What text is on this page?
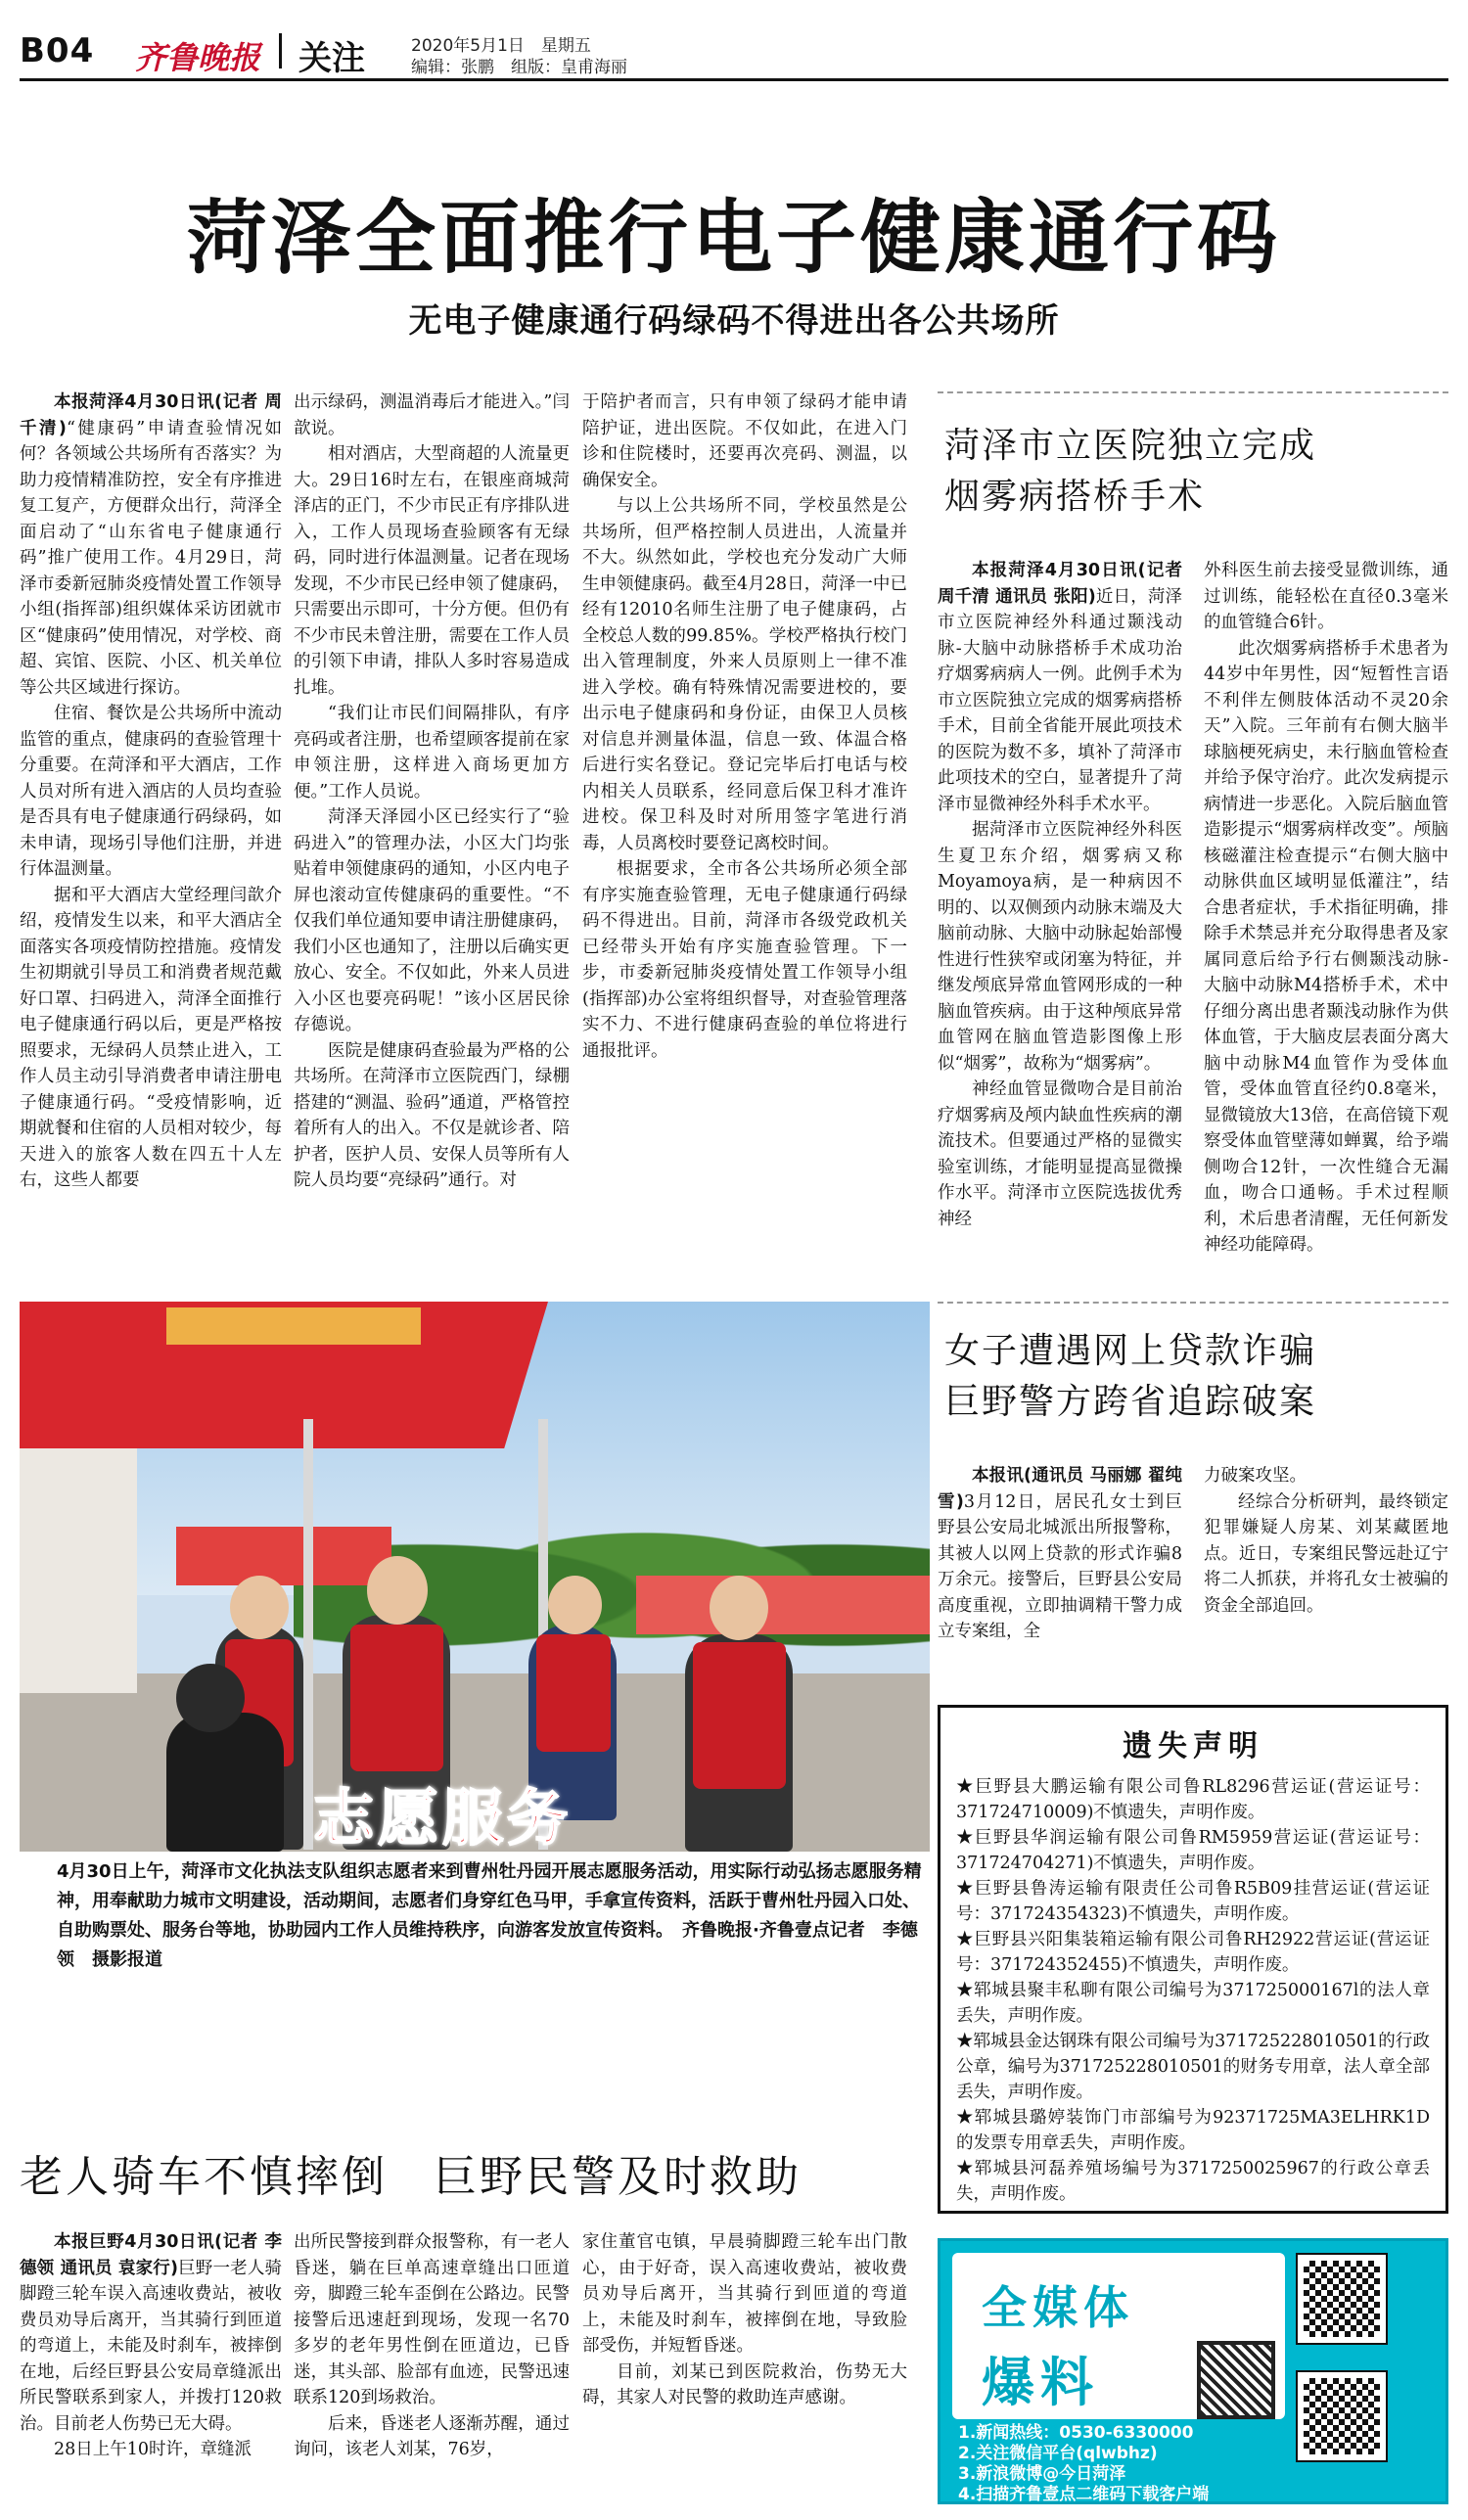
B04 齐鲁晚报 关注	2020年5月1日　星期五
编辑：张鹏　组版：皇甫海丽
菏泽全面推行电子健康通行码
无电子健康通行码绿码不得进出各公共场所

本报菏泽4月30日讯(记者 周千清)“健康码”申请查验情况如何？各领域公共场所有否落实？为助力疫情精准防控，安全有序推进复工复产，方便群众出行，菏泽全面启动了“山东省电子健康通行码”推广使用工作。4月29日，菏泽市委新冠肺炎疫情处置工作领导小组(指挥部)组织媒体采访团就市区“健康码”使用情况，对学校、商超、宾馆、医院、小区、机关单位等公共区域进行探访。

住宿、餐饮是公共场所中流动监管的重点，健康码的查验管理十分重要。在菏泽和平大酒店，工作人员对所有进入酒店的人员均查验是否具有电子健康通行码绿码，如未申请，现场引导他们注册，并进行体温测量。

据和平大酒店大堂经理闫歆介绍，疫情发生以来，和平大酒店全面落实各项疫情防控措施。疫情发生初期就引导员工和消费者规范戴好口罩、扫码进入，菏泽全面推行电子健康通行码以后，更是严格按照要求，无绿码人员禁止进入，工作人员主动引导消费者申请注册电子健康通行码。“受疫情影响，近期就餐和住宿的人员相对较少，每天进入的旅客人数在四五十人左右，这些人都要

出示绿码，测温消毒后才能进入。”闫歆说。

相对酒店，大型商超的人流量更大。29日16时左右，在银座商城菏泽店的正门，不少市民正有序排队进入，工作人员现场查验顾客有无绿码，同时进行体温测量。记者在现场发现，不少市民已经申领了健康码，只需要出示即可，十分方便。但仍有不少市民未曾注册，需要在工作人员的引领下申请，排队人多时容易造成扎堆。

“我们让市民们间隔排队，有序亮码或者注册，也希望顾客提前在家申领注册，这样进入商场更加方便。”工作人员说。

菏泽天泽园小区已经实行了“验码进入”的管理办法，小区大门均张贴着申领健康码的通知，小区内电子屏也滚动宣传健康码的重要性。“不仅我们单位通知要申请注册健康码，我们小区也通知了，注册以后确实更放心、安全。不仅如此，外来人员进入小区也要亮码呢！”该小区居民徐存德说。

医院是健康码查验最为严格的公共场所。在菏泽市立医院西门，绿棚搭建的“测温、验码”通道，严格管控着所有人的出入。不仅是就诊者、陪护者，医护人员、安保人员等所有人院人员均要“亮绿码”通行。对

于陪护者而言，只有申领了绿码才能申请陪护证，进出医院。不仅如此，在进入门诊和住院楼时，还要再次亮码、测温，以确保安全。

与以上公共场所不同，学校虽然是公共场所，但严格控制人员进出，人流量并不大。纵然如此，学校也充分发动广大师生申领健康码。截至4月28日，菏泽一中已经有12010名师生注册了电子健康码，占全校总人数的99.85%。学校严格执行校门出入管理制度，外来人员原则上一律不准进入学校。确有特殊情况需要进校的，要出示电子健康码和身份证，由保卫人员核对信息并测量体温，信息一致、体温合格后进行实名登记。登记完毕后打电话与校内相关人员联系，经同意后保卫科才准许进校。保卫科及时对所用签字笔进行消毒，人员离校时要登记离校时间。

根据要求，全市各公共场所必须全部有序实施查验管理，无电子健康通行码绿码不得进出。目前，菏泽市各级党政机关已经带头开始有序实施查验管理。下一步，市委新冠肺炎疫情处置工作领导小组(指挥部)办公室将组织督导，对查验管理落实不力、不进行健康码查验的单位将进行通报批评。

菏泽市立医院独立完成
烟雾病搭桥手术

本报菏泽4月30日讯(记者 周千清 通讯员 张阳)近日，菏泽市立医院神经外科通过颞浅动脉-大脑中动脉搭桥手术成功治疗烟雾病病人一例。此例手术为市立医院独立完成的烟雾病搭桥手术，目前全省能开展此项技术的医院为数不多，填补了菏泽市此项技术的空白，显著提升了菏泽市显微神经外科手术水平。

据菏泽市立医院神经外科医生夏卫东介绍，烟雾病又称Moyamoya病，是一种病因不明的、以双侧颈内动脉末端及大脑前动脉、大脑中动脉起始部慢性进行性狭窄或闭塞为特征，并继发颅底异常血管网形成的一种脑血管疾病。由于这种颅底异常血管网在脑血管造影图像上形似“烟雾”，故称为“烟雾病”。

神经血管显微吻合是目前治疗烟雾病及颅内缺血性疾病的潮流技术。但要通过严格的显微实验室训练，才能明显提高显微操作水平。菏泽市立医院选拔优秀神经

外科医生前去接受显微训练，通过训练，能轻松在直径0.3毫米的血管缝合6针。

此次烟雾病搭桥手术患者为44岁中年男性，因“短暂性言语不利伴左侧肢体活动不灵20余天”入院。三年前有右侧大脑半球脑梗死病史，未行脑血管检查并给予保守治疗。此次发病提示病情进一步恶化。入院后脑血管造影提示“烟雾病样改变”。颅脑核磁灌注检查提示“右侧大脑中动脉供血区域明显低灌注”，结合患者症状，手术指征明确，排除手术禁忌并充分取得患者及家属同意后给予行右侧颞浅动脉-大脑中动脉M4搭桥手术，术中仔细分离出患者颞浅动脉作为供体血管，于大脑皮层表面分离大脑中动脉M4血管作为受体血管，受体血管直径约0.8毫米，显微镜放大13倍，在高倍镜下观察受体血管壁薄如蝉翼，给予端侧吻合12针，一次性缝合无漏血，吻合口通畅。手术过程顺利，术后患者清醒，无任何新发神经功能障碍。

女子遭遇网上贷款诈骗
巨野警方跨省追踪破案

本报讯(通讯员 马丽娜 翟纯雪)3月12日，居民孔女士到巨野县公安局北城派出所报警称，其被人以网上贷款的形式诈骗8万余元。接警后，巨野县公安局高度重视，立即抽调精干警力成立专案组，全

力破案攻坚。

经综合分析研判，最终锁定犯罪嫌疑人房某、刘某藏匿地点。近日，专案组民警远赴辽宁将二人抓获，并将孔女士被骗的资金全部追回。

志愿服务
4月30日上午，菏泽市文化执法支队组织志愿者来到曹州牡丹园开展志愿服务活动，用实际行动弘扬志愿服务精神，用奉献助力城市文明建设，活动期间，志愿者们身穿红色马甲，手拿宣传资料，活跃于曹州牡丹园入口处、自助购票处、服务台等地，协助园内工作人员维持秩序，向游客发放宣传资料。　齐鲁晚报·齐鲁壹点记者　李德领　摄影报道
遗失声明
★巨野县大鹏运输有限公司鲁RL8296营运证(营运证号：371724710009)不慎遗失，声明作废。
★巨野县华润运输有限公司鲁RM5959营运证(营运证号：371724704271)不慎遗失，声明作废。
★巨野县鲁涛运输有限责任公司鲁R5B09挂营运证(营运证号：371724354323)不慎遗失，声明作废。
★巨野县兴阳集装箱运输有限公司鲁RH2922营运证(营运证号：371724352455)不慎遗失，声明作废。
★郓城县聚丰私聊有限公司编号为371725000167l的法人章丢失，声明作废。
★郓城县金达钢珠有限公司编号为371725228010501的行政公章，编号为371725228010501的财务专用章，法人章全部丢失，声明作废。
★郓城县璐婷装饰门市部编号为92371725MA3ELHRK1D的发票专用章丢失，声明作废。
★郓城县河磊养殖场编号为3717250025967的行政公章丢失，声明作废。
全媒体
爆料
1.新闻热线：0530-6330000
2.关注微信平台(qlwbhz)
3.新浪微博@今日菏泽
4.扫描齐鲁壹点二维码下载客户端
老人骑车不慎摔倒　巨野民警及时救助

本报巨野4月30日讯(记者 李德领 通讯员 袁家行)巨野一老人骑脚蹬三轮车误入高速收费站，被收费员劝导后离开，当其骑行到匝道的弯道上，未能及时刹车，被摔倒在地，后经巨野县公安局章缝派出所民警联系到家人，并拨打120救治。目前老人伤势已无大碍。

28日上午10时许，章缝派

出所民警接到群众报警称，有一老人昏迷，躺在巨单高速章缝出口匝道旁，脚蹬三轮车歪倒在公路边。民警接警后迅速赶到现场，发现一名70多岁的老年男性倒在匝道边，已昏迷，其头部、脸部有血迹，民警迅速联系120到场救治。

后来，昏迷老人逐渐苏醒，通过询问，该老人刘某，76岁，

家住董官屯镇，早晨骑脚蹬三轮车出门散心，由于好奇，误入高速收费站，被收费员劝导后离开，当其骑行到匝道的弯道上，未能及时刹车，被摔倒在地，导致脸部受伤，并短暂昏迷。

目前，刘某已到医院救治，伤势无大碍，其家人对民警的救助连声感谢。
